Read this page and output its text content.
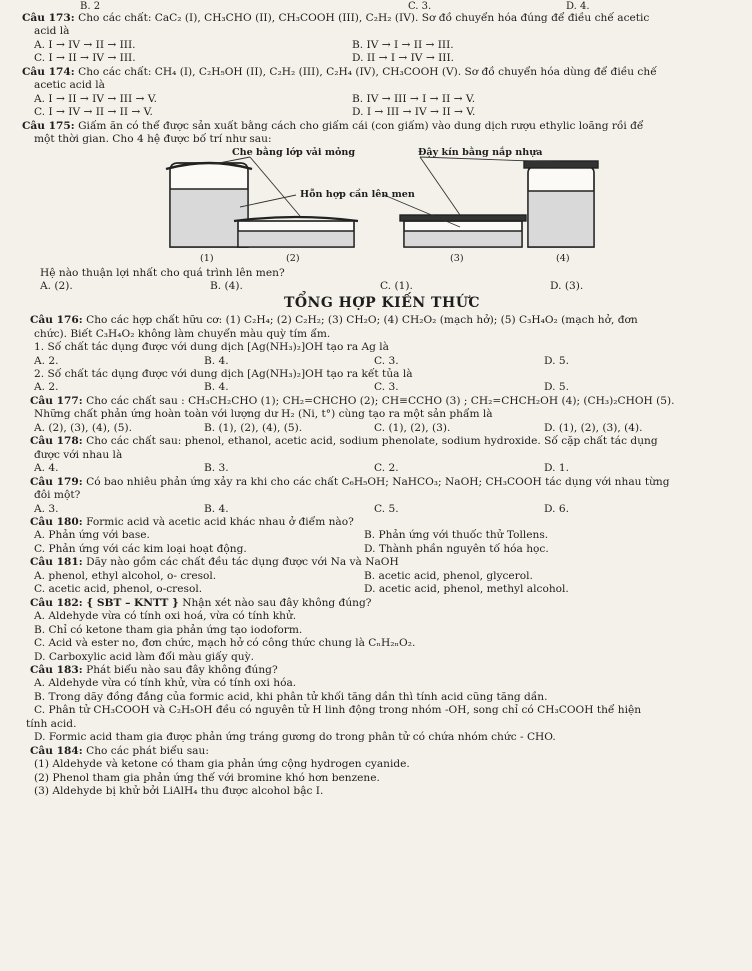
B. 2	C. 3.	D. 4.
Câu 173: Cho các chất: CaC₂ (I), CH₃CHO (II), CH₃COOH (III), C₂H₂ (IV). Sơ đồ chuyển hóa đúng để điều chế acetic
acid là
A. I → IV → II → III.	B. IV → I → II → III.
C. I → II → IV → III.	D. II → I → IV → III.
Câu 174: Cho các chất: CH₄ (I), C₂H₅OH (II), C₂H₂ (III), C₂H₄ (IV), CH₃COOH (V). Sơ đồ chuyển hóa dùng để điều chế
acetic acid là
A. I → II → IV → III → V.	B. IV → III → I → II → V.
C. I → IV → II → II → V.	D. I → III → IV → II → V.
Câu 175: Giấm ăn có thể được sản xuất bằng cách cho giấm cái (con giấm) vào dung dịch rượu ethylic loãng rồi để
một thời gian. Cho 4 hệ được bố trí như sau:
Che bằng lớp vải mỏng	Đậy kín bằng nắp nhựa
Hỗn hợp cần lên men
(1)	(2)	(3)	(4)
Hệ nào thuận lợi nhất cho quá trình lên men?
A. (2).	B. (4).	C. (1).	D. (3).
TỔNG HỢP KIẾN THỨC
Câu 176: Cho các hợp chất hữu cơ: (1) C₂H₄; (2) C₂H₂; (3) CH₂O; (4) CH₂O₂ (mạch hở); (5) C₃H₄O₂ (mạch hở, đơn
chức). Biết C₃H₄O₂ không làm chuyển màu quỳ tím ẩm.
1. Số chất tác dụng được với dung dịch [Ag(NH₃)₂]OH tạo ra Ag là
A. 2.	B. 4.	C. 3.	D. 5.
2. Số chất tác dụng được với dung dịch [Ag(NH₃)₂]OH tạo ra kết tủa là
A. 2.	B. 4.	C. 3.	D. 5.
Câu 177: Cho các chất sau : CH₃CH₂CHO (1); CH₂=CHCHO (2); CH≡CCHO (3) ; CH₂=CHCH₂OH (4); (CH₃)₂CHOH (5).
Những chất phản ứng hoàn toàn với lượng dư H₂ (Ni, t°) cùng tạo ra một sản phẩm là
A. (2), (3), (4), (5).	B. (1), (2), (4), (5).	C. (1), (2), (3).	D. (1), (2), (3), (4).
Câu 178: Cho các chất sau: phenol, ethanol, acetic acid, sodium phenolate, sodium hydroxide. Số cặp chất tác dụng
được với nhau là
A. 4.	B. 3.	C. 2.	D. 1.
Câu 179: Có bao nhiêu phản ứng xảy ra khi cho các chất C₆H₅OH; NaHCO₃; NaOH; CH₃COOH tác dụng với nhau từng
đôi một?
A. 3.	B. 4.	C. 5.	D. 6.
Câu 180: Formic acid và acetic acid khác nhau ở điểm nào?
A. Phản ứng với base.	B. Phản ứng với thuốc thử Tollens.
C. Phản ứng với các kim loại hoạt động.	D. Thành phần nguyên tố hóa học.
Câu 181: Dãy nào gồm các chất đều tác dụng được với Na và NaOH
A. phenol, ethyl alcohol, o- cresol.	B. acetic acid, phenol, glycerol.
C. acetic acid, phenol, o-cresol.	D. acetic acid, phenol, methyl alcohol.
Câu 182: { SBT – KNTT } Nhận xét nào sau đây không đúng?
A. Aldehyde vừa có tính oxi hoá, vừa có tính khử.
B. Chỉ có ketone tham gia phản ứng tạo iodoform.
C. Acid và ester no, đơn chức, mạch hở có công thức chung là CₙH₂ₙO₂.
D. Carboxylic acid làm đổi màu giấy quỳ.
Câu 183: Phát biểu nào sau đây không đúng?
A. Aldehyde vừa có tính khử, vừa có tính oxi hóa.
B. Trong dãy đồng đẳng của formic acid, khi phân tử khối tăng dần thì tính acid cũng tăng dần.
C. Phân tử CH₃COOH và C₂H₅OH đều có nguyên tử H linh động trong nhóm -OH, song chỉ có CH₃COOH thể hiện
tính acid.
D. Formic acid tham gia được phản ứng tráng gương do trong phân tử có chứa nhóm chức - CHO.
Câu 184: Cho các phát biểu sau:
(1) Aldehyde và ketone có tham gia phản ứng cộng hydrogen cyanide.
(2) Phenol tham gia phản ứng thế với bromine khó hơn benzene.
(3) Aldehyde bị khử bởi LiAlH₄ thu được alcohol bậc I.
